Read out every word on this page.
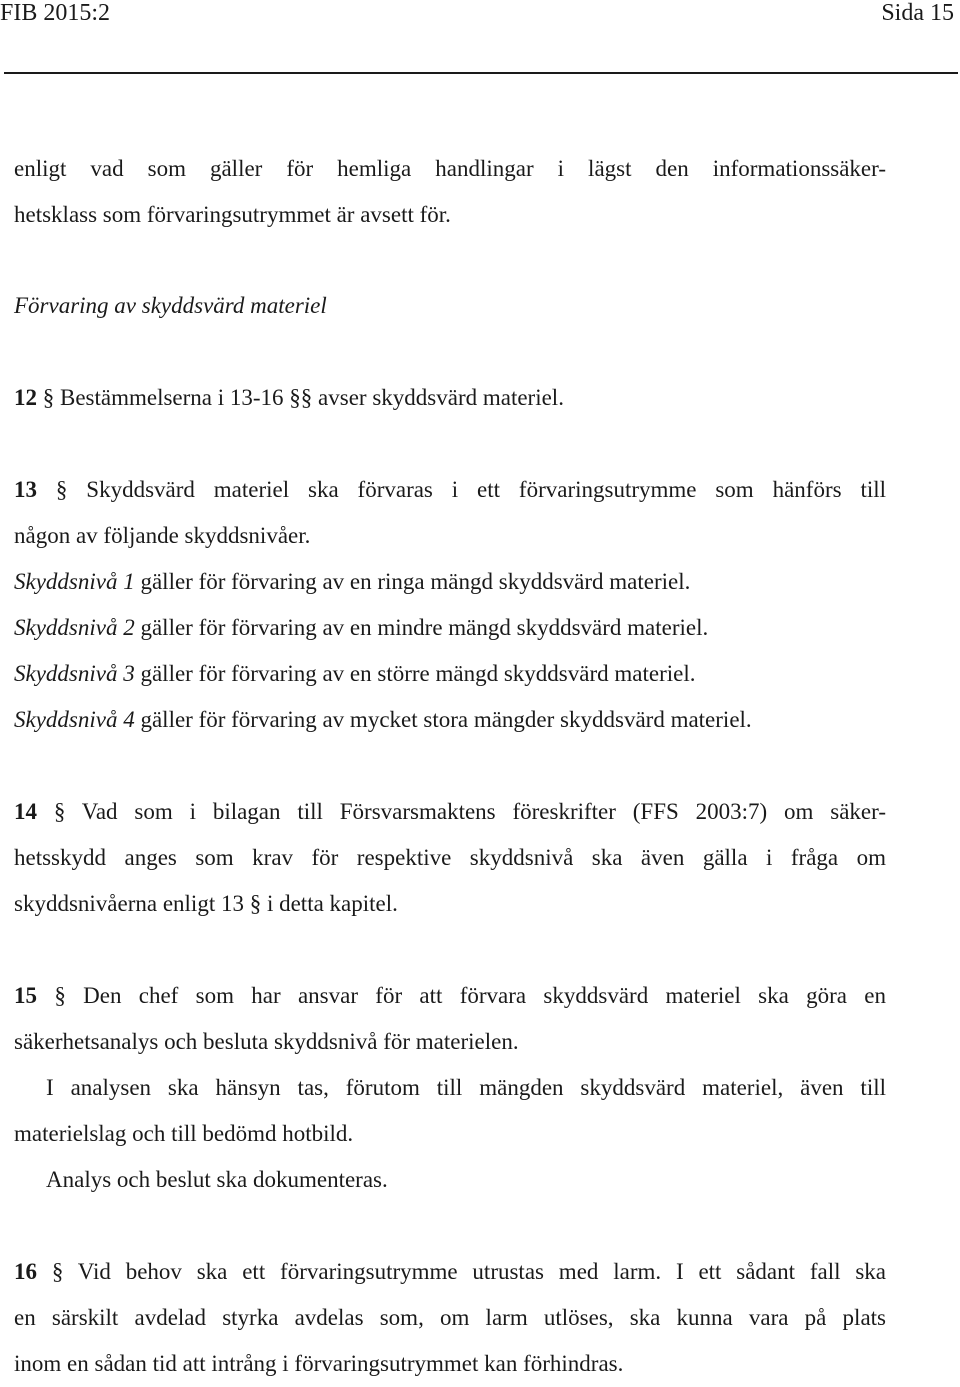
FIB 2015:2	Sida 15
enligt vad som gäller för hemliga handlingar i lägst den informationssäker-
hetsklass som förvaringsutrymmet är avsett för.
Förvaring av skyddsvärd materiel
12 § Bestämmelserna i 13-16 §§ avser skyddsvärd materiel.
13 § Skyddsvärd materiel ska förvaras i ett förvaringsutrymme som hänförs till
någon av följande skyddsnivåer.
Skyddsnivå 1 gäller för förvaring av en ringa mängd skyddsvärd materiel.
Skyddsnivå 2 gäller för förvaring av en mindre mängd skyddsvärd materiel.
Skyddsnivå 3 gäller för förvaring av en större mängd skyddsvärd materiel.
Skyddsnivå 4 gäller för förvaring av mycket stora mängder skyddsvärd materiel.
14 § Vad som i bilagan till Försvarsmaktens föreskrifter (FFS 2003:7) om säker-
hetsskydd anges som krav för respektive skyddsnivå ska även gälla i fråga om
skyddsnivåerna enligt 13 § i detta kapitel.
15 § Den chef som har ansvar för att förvara skyddsvärd materiel ska göra en
säkerhetsanalys och besluta skyddsnivå för materielen.
I analysen ska hänsyn tas, förutom till mängden skyddsvärd materiel, även till
materielslag och till bedömd hotbild.
Analys och beslut ska dokumenteras.
16 § Vid behov ska ett förvaringsutrymme utrustas med larm. I ett sådant fall ska
en särskilt avdelad styrka avdelas som, om larm utlöses, ska kunna vara på plats
inom en sådan tid att intrång i förvaringsutrymmet kan förhindras.
